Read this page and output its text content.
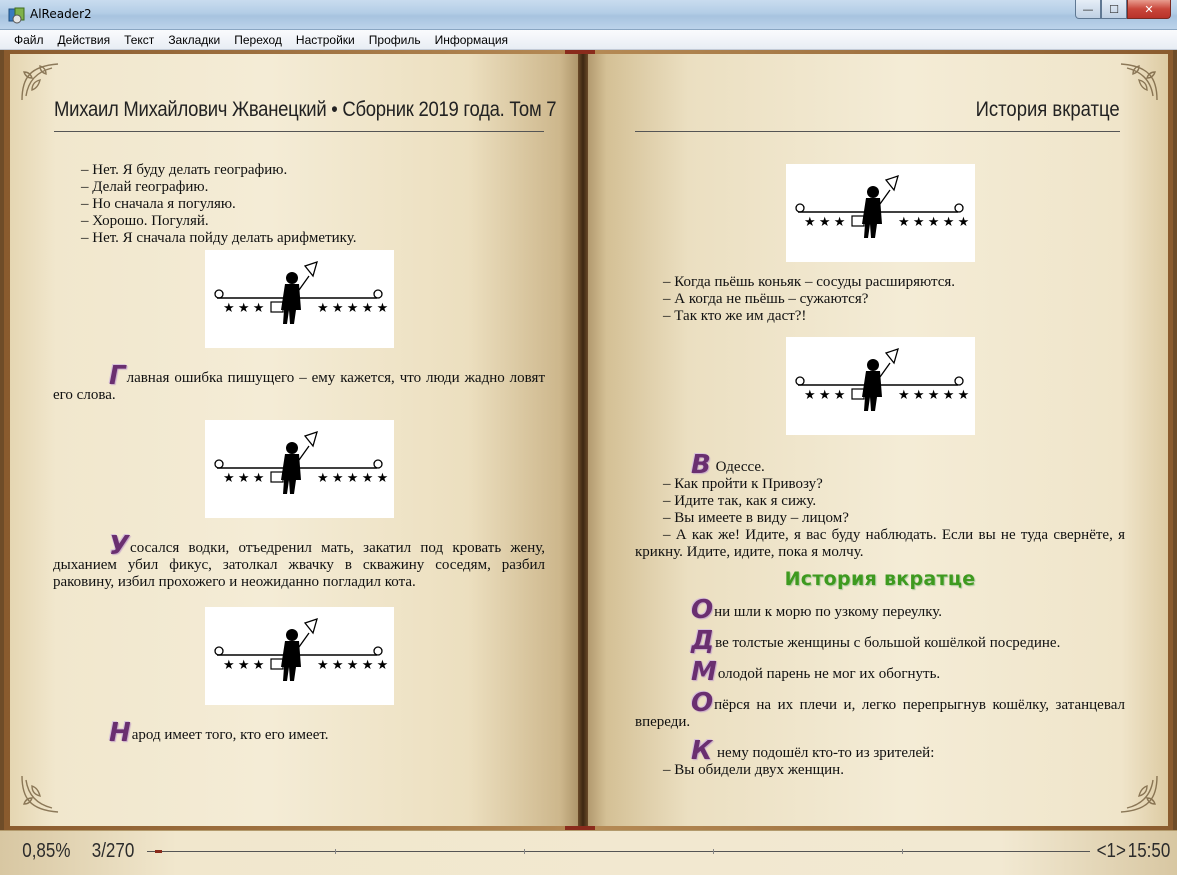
AlReader2	—	☐	✕
Файл	Действия	Текст	Закладки	Переход	Настройки	Профиль	Информация
Михаил Михайлович Жванецкий • Сборник 2019 года. Том 7
– Нет. Я буду делать географию.
– Делай географию.
– Но сначала я погуляю.
– Хорошо. Погуляй.
– Нет. Я сначала пойду делать арифметику.
★ ★ ★	★ ★ ★ ★ ★
Главная ошибка пишущего – ему кажется, что люди жадно ловят его слова.
★ ★ ★	★ ★ ★ ★ ★
Усосался водки, отъедренил мать, закатил под кровать жену, дыханием убил фикус, затолкал жвачку в скважину соседям, разбил раковину, избил прохожего и неожиданно погладил кота.
★ ★ ★	★ ★ ★ ★ ★
Народ имеет того, кто его имеет.
История вкратце
★ ★ ★	★ ★ ★ ★ ★
– Когда пьёшь коньяк – сосуды расширяются.
– А когда не пьёшь – сужаются?
– Так кто же им даст?!
★ ★ ★	★ ★ ★ ★ ★
В Одессе.
– Как пройти к Привозу?
– Идите так, как я сижу.
– Вы имеете в виду – лицом?
– А как же! Идите, я вас буду наблюдать. Если вы не туда свернёте, я крикну. Идите, идите, пока я молчу.
История вкратце
Они шли к морю по узкому переулку.
Две толстые женщины с большой кошёлкой посредине.
Молодой парень не мог их обогнуть.
Опёрся на их плечи и, легко перепрыгнув кошёлку, затанцевал впереди.
К нему подошёл кто-то из зрителей:
– Вы обидели двух женщин.
0,85% 3/270	<1> 15:50
